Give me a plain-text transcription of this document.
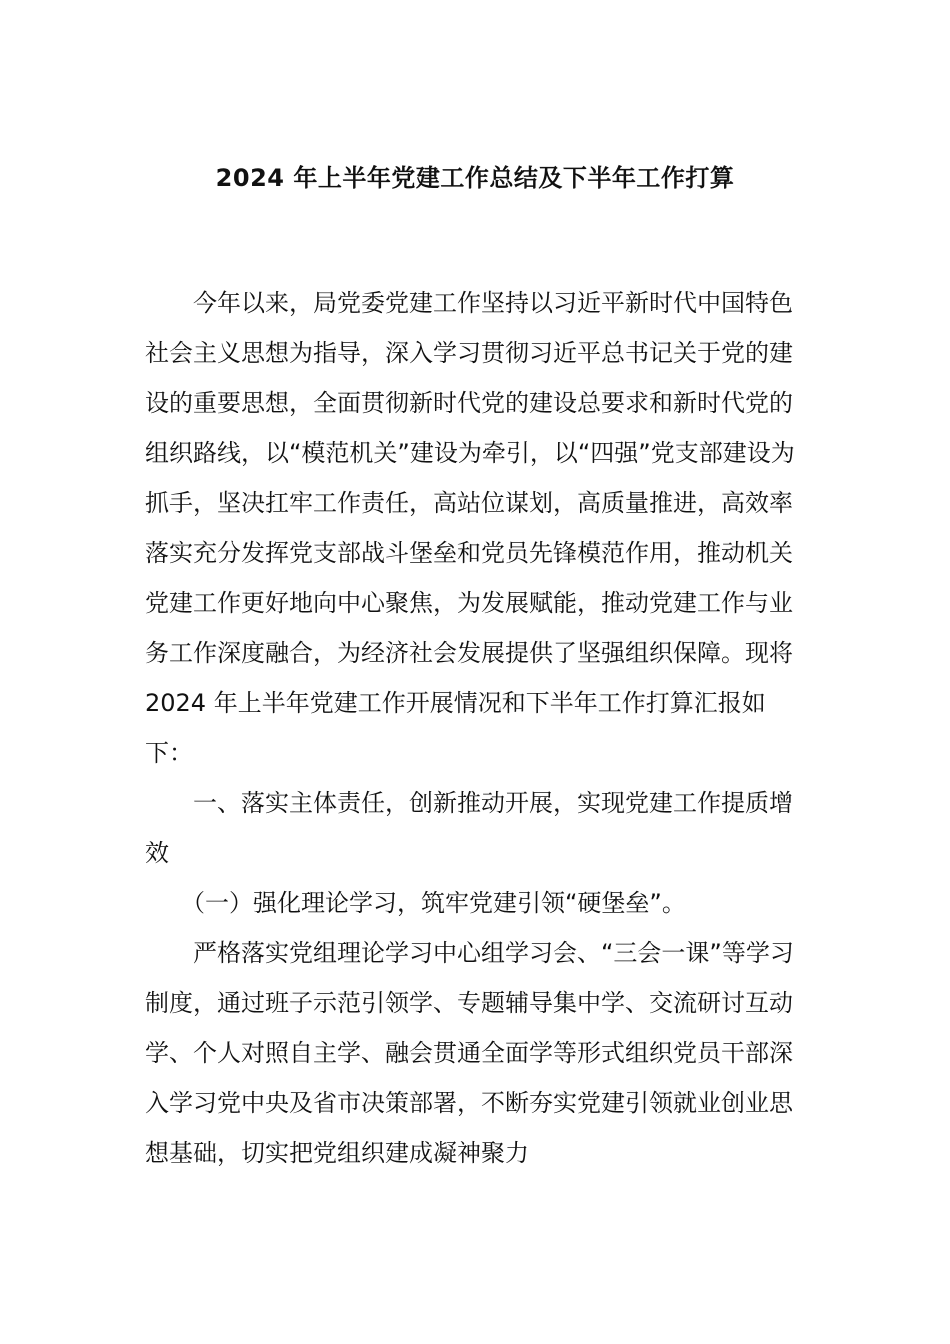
2024 年上半年党建工作总结及下半年工作打算

今年以来，局党委党建工作坚持以习近平新时代中国特色社会主义思想为指导，深入学习贯彻习近平总书记关于党的建设的重要思想，全面贯彻新时代党的建设总要求和新时代党的组织路线，以“模范机关”建设为牵引，以“四强”党支部建设为抓手，坚决扛牢工作责任，高站位谋划，高质量推进，高效率落实充分发挥党支部战斗堡垒和党员先锋模范作用，推动机关党建工作更好地向中心聚焦，为发展赋能，推动党建工作与业务工作深度融合，为经济社会发展提供了坚强组织保障。现将 2024 年上半年党建工作开展情况和下半年工作打算汇报如下：

一、落实主体责任，创新推动开展，实现党建工作提质增效

（一）强化理论学习，筑牢党建引领“硬堡垒”。

严格落实党组理论学习中心组学习会、“三会一课”等学习制度，通过班子示范引领学、专题辅导集中学、交流研讨互动学、个人对照自主学、融会贯通全面学等形式组织党员干部深入学习党中央及省市决策部署，不断夯实党建引领就业创业思想基础，切实把党组织建成凝神聚力
